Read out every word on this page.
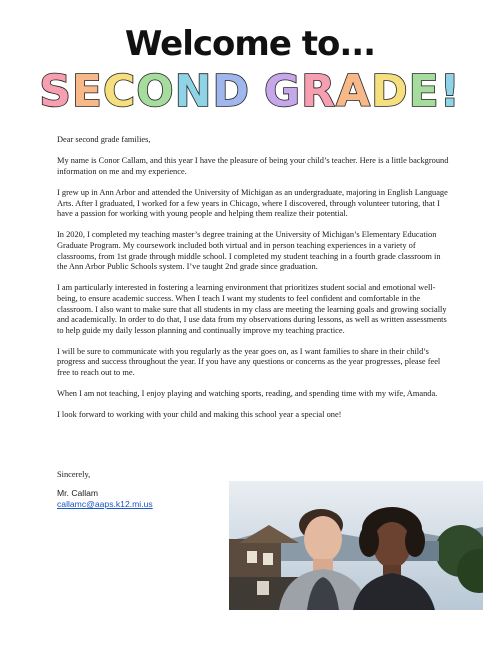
Welcome to...
SECOND GRADE!

Dear second grade families,

My name is Conor Callam, and this year I have the pleasure of being your child’s teacher. Here is a little background information on me and my experience.

I grew up in Ann Arbor and attended the University of Michigan as an undergraduate, majoring in English Language Arts. After I graduated, I worked for a few years in Chicago, where I discovered, through volunteer tutoring, that I have a passion for working with young people and helping them realize their potential.

In 2020, I completed my teaching master’s degree training at the University of Michigan’s Elementary Education Graduate Program. My coursework included both virtual and in person teaching experiences in a variety of classrooms, from 1st grade through middle school. I completed my student teaching in a fourth grade classroom in the Ann Arbor Public Schools system. I’ve taught 2nd grade since graduation.

I am particularly interested in fostering a learning environment that prioritizes student social and emotional well-being, to ensure academic success. When I teach I want my students to feel confident and comfortable in the classroom. I also want to make sure that all students in my class are meeting the learning goals and growing socially and academically. In order to do that, I use data from my observations during lessons, as well as written assessments to help guide my daily lesson planning and continually improve my teaching practice.

I will be sure to communicate with you regularly as the year goes on, as I want families to share in their child’s progress and success throughout the year. If you have any questions or concerns as the year progresses, please feel free to reach out to me.

When I am not teaching, I enjoy playing and watching sports, reading, and spending time with my wife, Amanda.

I look forward to working with your child and making this school year a special one!

Sincerely,
Mr. Callam
callamc@aaps.k12.mi.us
